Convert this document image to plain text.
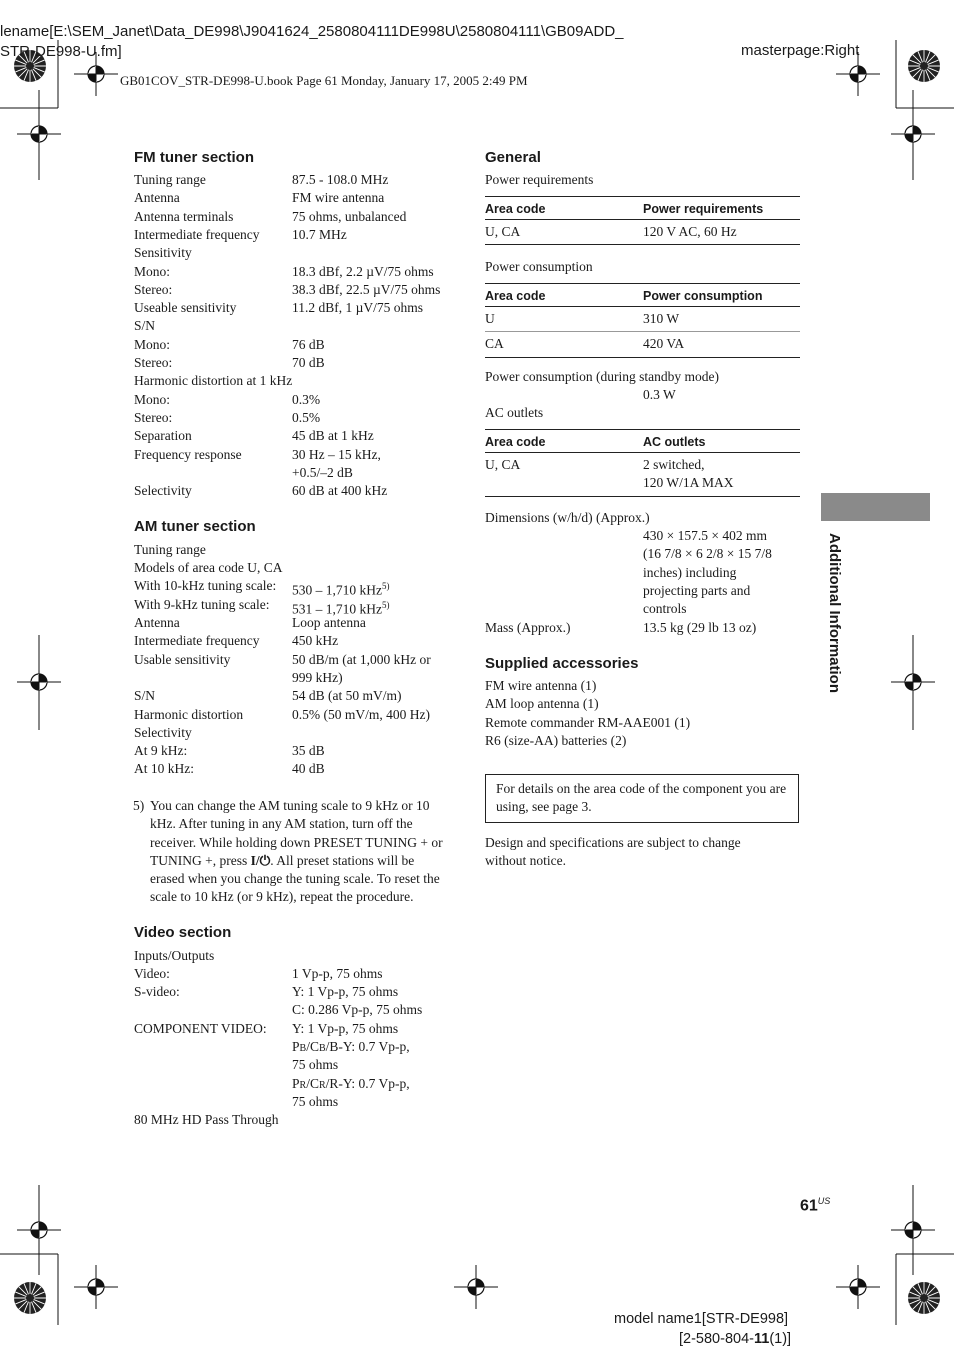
lename[E:\SEM_Janet\Data_DE998\J9041624_2580804111DE998U\2580804111\GB09ADD_
STR-DE998-U.fm]	masterpage:Right
GB01COV_STR-DE998-U.book Page 61 Monday, January 17, 2005 2:49 PM
FM tuner section
Tuning range	87.5 - 108.0 MHz
Antenna	FM wire antenna
Antenna terminals	75 ohms, unbalanced
Intermediate frequency 10.7 MHz
Sensitivity
Mono:	18.3 dBf, 2.2 µV/75 ohms
Stereo:	38.3 dBf, 22.5 µV/75 ohms
Useable sensitivity	11.2 dBf, 1 µV/75 ohms
S/N
Mono:	76 dB
Stereo:	70 dB
Harmonic distortion at 1 kHz
Mono:	0.3%
Stereo:	0.5%
Separation	45 dB at 1 kHz
Frequency response	30 Hz – 15 kHz,
+0.5/–2 dB
Selectivity	60 dB at 400 kHz
AM tuner section
Tuning range
Models of area code U, CA
With 10-kHz tuning scale: 530 – 1,710 kHz$^{5)}$
With 9-kHz tuning scale: 531 – 1,710 kHz$^{5)}$
Antenna	Loop antenna
Intermediate frequency 450 kHz
Usable sensitivity	50 dB/m (at 1,000 kHz or
999 kHz)
S/N	54 dB (at 50 mV/m)
Harmonic distortion	0.5% (50 mV/m, 400 Hz)
Selectivity
At 9 kHz:	35 dB
At 10 kHz:	40 dB
5) You can change the AM tuning scale to 9 kHz or 10 kHz. After tuning in any AM station, turn off the receiver. While holding down PRESET TUNING + or TUNING +, press I/⏻. All preset stations will be erased when you change the tuning scale. To reset the scale to 10 kHz (or 9 kHz), repeat the procedure.
Video section
Inputs/Outputs
Video:	1 Vp-p, 75 ohms
S-video:	Y: 1 Vp-p, 75 ohms
C: 0.286 Vp-p, 75 ohms
COMPONENT VIDEO: Y: 1 Vp-p, 75 ohms
PB/CB/B-Y: 0.7 Vp-p,
75 ohms
PR/CR/R-Y: 0.7 Vp-p,
75 ohms
80 MHz HD Pass Through
General
Power requirements
Area code	Power requirements
U, CA	120 V AC, 60 Hz
Power consumption
Area code	Power consumption
U	310 W
CA	420 VA
Power consumption (during standby mode)
0.3 W
AC outlets
Area code	AC outlets
U, CA	2 switched,
120 W/1A MAX
Dimensions (w/h/d) (Approx.)
430 × 157.5 × 402 mm
(16 7/8 × 6 2/8 × 15 7/8
inches) including
projecting parts and
controls
Mass (Approx.)	13.5 kg (29 lb 13 oz)
Supplied accessories
FM wire antenna (1)
AM loop antenna (1)
Remote commander RM-AAE001 (1)
R6 (size-AA) batteries (2)
For details on the area code of the component you are using, see page 3.
Design and specifications are subject to change without notice.
Additional Information
$61^{US}$
model name1[STR-DE998]
[2-580-804-11(1)]
